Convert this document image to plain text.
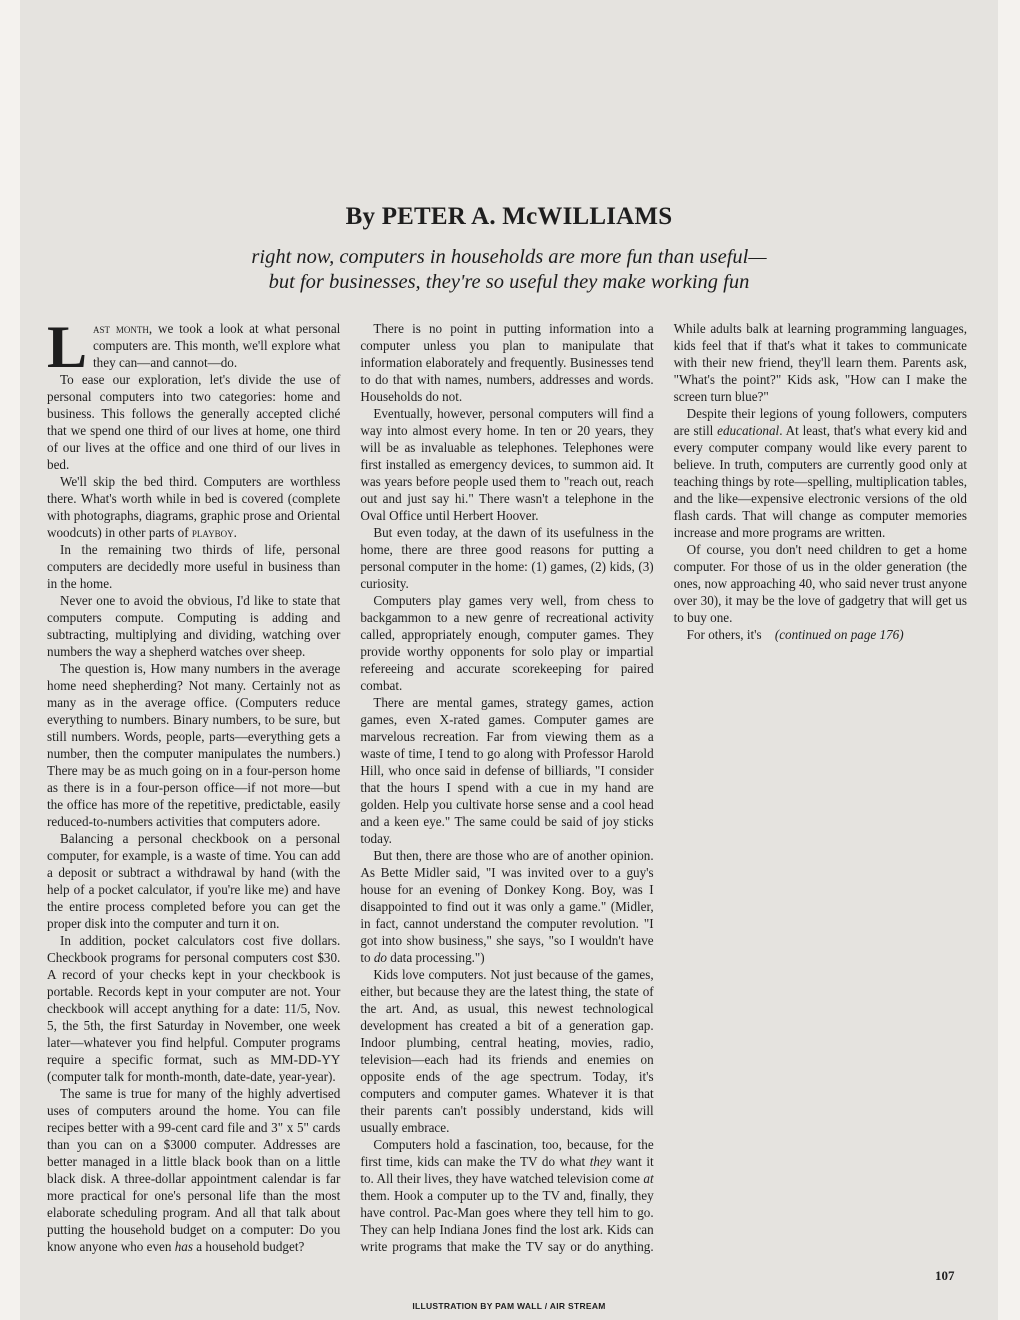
By PETER A. McWILLIAMS
right now, computers in households are more fun than useful—
but for businesses, they're so useful they make working fun

Last month, we took a look at what personal computers are. This month, we'll explore what they can—and cannot—do.

To ease our exploration, let's divide the use of personal computers into two categories: home and business. This follows the generally accepted cliché that we spend one third of our lives at home, one third of our lives at the office and one third of our lives in bed.

We'll skip the bed third. Computers are worthless there. What's worth while in bed is covered (complete with photographs, diagrams, graphic prose and Oriental woodcuts) in other parts of playboy.

In the remaining two thirds of life, personal computers are decidedly more useful in business than in the home.

Never one to avoid the obvious, I'd like to state that computers compute. Computing is adding and subtracting, multiplying and dividing, watching over numbers the way a shepherd watches over sheep.

The question is, How many numbers in the average home need shepherding? Not many. Certainly not as many as in the average office. (Computers reduce everything to numbers. Binary numbers, to be sure, but still numbers. Words, people, parts—everything gets a number, then the computer manipulates the numbers.) There may be as much going on in a four-person home as there is in a four-person office—if not more—but the office has more of the repetitive, predictable, easily reduced-to-numbers activities that computers adore.

Balancing a personal checkbook on a personal computer, for example, is a waste of time. You can add a deposit or subtract a withdrawal by hand (with the help of a pocket calculator, if you're like me) and have the entire process completed before you can get the proper disk into the computer and turn it on.

In addition, pocket calculators cost five dollars. Checkbook programs for personal computers cost $30. A record of your checks kept in your checkbook is portable. Records kept in your computer are not. Your checkbook will accept anything for a date: 11/5, Nov. 5, the 5th, the first Saturday in November, one week later—whatever you find helpful. Computer programs require a specific format, such as MM-DD-YY (computer talk for month-month, date-date, year-year).

The same is true for many of the highly advertised uses of computers around the home. You can file recipes better with a 99-cent card file and 3" x 5" cards than you can on a $3000 computer. Addresses are better managed in a little black book than on a little black disk. A three-dollar appointment calendar is far more practical for one's personal life than the most elaborate scheduling program. And all that talk about putting the household budget on a computer: Do you know anyone who even has a household budget?

There is no point in putting information into a computer unless you plan to manipulate that information elaborately and frequently. Businesses tend to do that with names, numbers, addresses and words. Households do not.

Eventually, however, personal computers will find a way into almost every home. In ten or 20 years, they will be as invaluable as telephones. Telephones were first installed as emergency devices, to summon aid. It was years before people used them to "reach out, reach out and just say hi." There wasn't a telephone in the Oval Office until Herbert Hoover.

But even today, at the dawn of its usefulness in the home, there are three good reasons for putting a personal computer in the home: (1) games, (2) kids, (3) curiosity.

Computers play games very well, from chess to backgammon to a new genre of recreational activity called, appropriately enough, computer games. They provide worthy opponents for solo play or impartial refereeing and accurate scorekeeping for paired combat.

There are mental games, strategy games, action games, even X-rated games. Computer games are marvelous recreation. Far from viewing them as a waste of time, I tend to go along with Professor Harold Hill, who once said in defense of billiards, "I consider that the hours I spend with a cue in my hand are golden. Help you cultivate horse sense and a cool head and a keen eye." The same could be said of joy sticks today.

But then, there are those who are of another opinion. As Bette Midler said, "I was invited over to a guy's house for an evening of Donkey Kong. Boy, was I disappointed to find out it was only a game." (Midler, in fact, cannot understand the computer revolution. "I got into show business," she says, "so I wouldn't have to do data processing.")

Kids love computers. Not just because of the games, either, but because they are the latest thing, the state of the art. And, as usual, this newest technological development has created a bit of a generation gap. Indoor plumbing, central heating, movies, radio, television—each had its friends and enemies on opposite ends of the age spectrum. Today, it's computers and computer games. Whatever it is that their parents can't possibly understand, kids will usually embrace.

Computers hold a fascination, too, because, for the first time, kids can make the TV do what they want it to. All their lives, they have watched television come at them. Hook a computer up to the TV and, finally, they have control. Pac-Man goes where they tell him to go. They can help Indiana Jones find the lost ark. Kids can write programs that make the TV say or do anything. While adults balk at learning programming languages, kids feel that if that's what it takes to communicate with their new friend, they'll learn them. Parents ask, "What's the point?" Kids ask, "How can I make the screen turn blue?"

Despite their legions of young followers, computers are still educational. At least, that's what every kid and every computer company would like every parent to believe. In truth, computers are currently good only at teaching things by rote—spelling, multiplication tables, and the like—expensive electronic versions of the old flash cards. That will change as computer memories increase and more programs are written.

Of course, you don't need children to get a home computer. For those of us in the older generation (the ones, now approaching 40, who said never trust anyone over 30), it may be the love of gadgetry that will get us to buy one.

For others, it's (continued on page 176)

107

ILLUSTRATION BY PAM WALL / AIR STREAM
